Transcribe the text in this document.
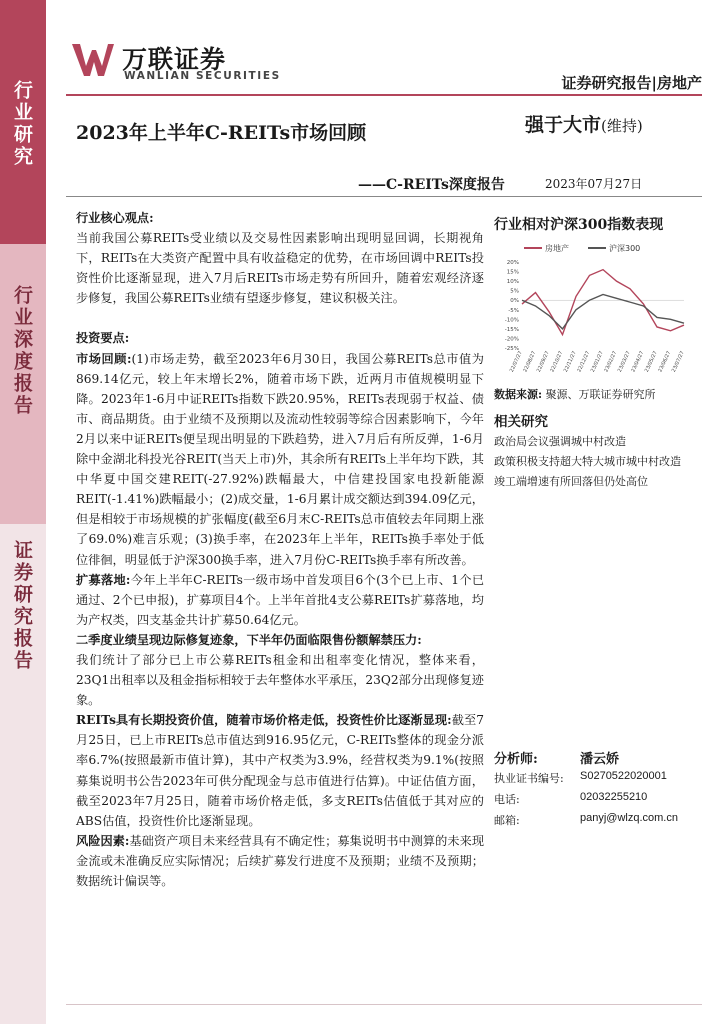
行业研究
行业深度报告
证券研究报告
万联证券
WANLIAN SECURITIES	证券研究报告|房地产
2023年上半年C-REITs市场回顾	强于大市(维持)
——C-REITs深度报告	2023年07月27日

行业核心观点:

当前我国公募REITs受业绩以及交易性因素影响出现明显回调，长期视角下，REITs在大类资产配置中具有收益稳定的优势，在市场回调中REITs投资性价比逐渐显现，进入7月后REITs市场走势有所回升，随着宏观经济逐步修复，我国公募REITs业绩有望逐步修复，建议积极关注。

投资要点:

市场回顾:(1)市场走势，截至2023年6月30日，我国公募REITs总市值为869.14亿元，较上年末增长2%，随着市场下跌，近两月市值规模明显下降。2023年1-6月中证REITs指数下跌20.95%，REITs表现弱于权益、债市、商品期货。由于业绩不及预期以及流动性较弱等综合因素影响下，今年2月以来中证REITs便呈现出明显的下跌趋势，进入7月后有所反弹，1-6月除中金湖北科投光谷REIT(当天上市)外，其余所有REITs上半年均下跌，其中华夏中国交建REIT(-27.92%)跌幅最大，中信建投国家电投新能源REIT(-1.41%)跌幅最小；(2)成交量，1-6月累计成交额达到394.09亿元，但是相较于市场规模的扩张幅度(截至6月末C-REITs总市值较去年同期上涨了69.0%)难言乐观；(3)换手率，在2023年上半年，REITs换手率处于低位徘徊，明显低于沪深300换手率，进入7月份C-REITs换手率有所改善。

扩募落地:今年上半年C-REITs一级市场中首发项目6个(3个已上市、1个已通过、2个已申报)，扩募项目4个。上半年首批4支公募REITs扩募落地，均为产权类，四支基金共计扩募50.64亿元。

二季度业绩呈现边际修复迹象，下半年仍面临限售份额解禁压力:

我们统计了部分已上市公募REITs租金和出租率变化情况，整体来看，23Q1出租率以及租金指标相较于去年整体水平承压，23Q2部分出现修复迹象。

REITs具有长期投资价值，随着市场价格走低，投资性价比逐渐显现:截至7月25日，已上市REITs总市值达到916.95亿元，C-REITs整体的现金分派率6.7%(按照最新市值计算)，其中产权类为3.9%，经营权类为9.1%(按照募集说明书公告2023年可供分配现金与总市值进行估算)。中证估值方面，截至2023年7月25日，随着市场价格走低，多支REITs估值低于其对应的ABS估值，投资性价比逐渐显现。

风险因素:基础资产项目未来经营具有不确定性；募集说明书中测算的未来现金流或未准确反应实际情况；后续扩募发行进度不及预期；业绩不及预期；数据统计偏误等。

行业相对沪深300指数表现
房地产	沪深300
20%
15%
10%
5%
0%
-5%
-10%
-15%
-20%
-25%
22/07/27
22/08/27
22/09/27
22/10/27
22/11/27
22/12/27
23/01/27
23/02/27
23/03/27
23/04/27
23/05/27
23/06/27
23/07/27
数据来源: 聚源、万联证券研究所
相关研究
政治局会议强调城中村改造
政策积极支持超大特大城市城中村改造
竣工端增速有所回落但仍处高位
分析师:	潘云娇
执业证书编号: S0270522020001
电话:	02032255210
邮箱:	panyj@wlzq.com.cn
